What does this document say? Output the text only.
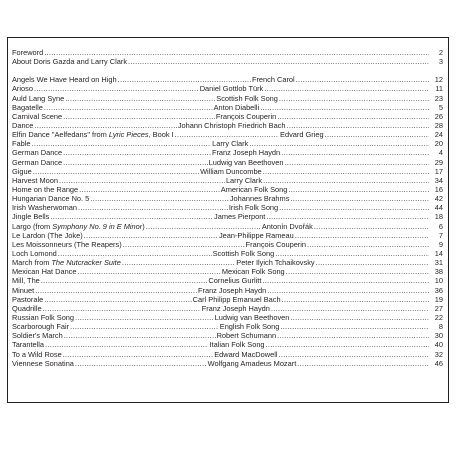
Foreword .....	2
About Doris Gazda and Larry Clark .....	3
Angels We Have Heard on High .....	French Carol .....	12
Arioso .....	Daniel Gottlob Türk .....	11
Auld Lang Syne .....	Scottish Folk Song .....	23
Bagatelle .....	Anton Diabelli .....	5
Carnival Scene .....	François Couperin .....	26
Dance .....	Johann Christoph Friedrich Bach .....	28
Elfin Dance "Aelfedans" from Lyric Pieces, Book I .....	Edvard Grieg .....	24
Fable .....	Larry Clark .....	20
German Dance .....	Franz Joseph Haydn .....	4
German Dance .....	Ludwig van Beethoven .....	29
Gigue .....	William Duncombe .....	17
Harvest Moon .....	Larry Clark .....	34
Home on the Range .....	American Folk Song .....	16
Hungarian Dance No. 5 .....	Johannes Brahms .....	42
Irish Washerwoman .....	Irish Folk Song .....	44
Jingle Bells .....	James Pierpont .....	18
Largo (from Symphony No. 9 in E Minor) .....	Antonín Dvořák .....	6
Le Lardon (The Joke) .....	Jean-Philippe Rameau .....	7
Les Moissonneurs (The Reapers) .....	François Couperin .....	9
Loch Lomond .....	Scottish Folk Song .....	14
March from The Nutcracker Suite .....	Peter Ilyich Tchaikovsky .....	31
Mexican Hat Dance .....	Mexican Folk Song .....	38
Mill, The .....	Cornelius Gurlitt .....	10
Minuet .....	Franz Joseph Haydn .....	36
Pastorale .....	Carl Philipp Emanuel Bach .....	19
Quadrille .....	Franz Joseph Haydn .....	27
Russian Folk Song .....	Ludwig van Beethoven .....	22
Scarborough Fair .....	English Folk Song .....	8
Soldier's March .....	Robert Schumann .....	30
Tarantella .....	Italian Folk Song .....	40
To a Wild Rose .....	Edward MacDowell .....	32
Viennese Sonatina .....	Wolfgang Amadeus Mozart .....	46
